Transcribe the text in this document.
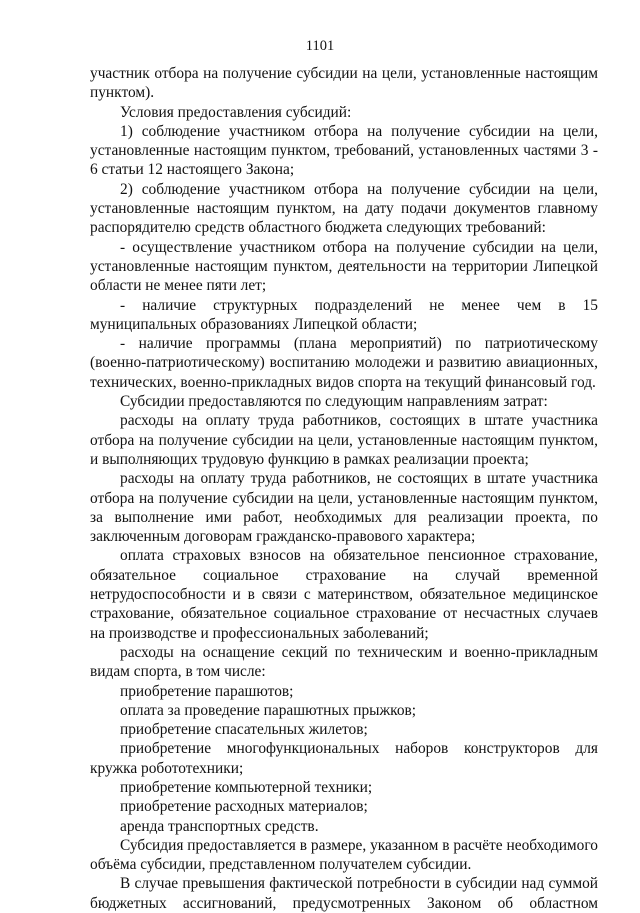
1101

участник отбора на получение субсидии на цели, установленные настоящим пунктом).

Условия предоставления субсидий:

1) соблюдение участником отбора на получение субсидии на цели, установленные настоящим пунктом, требований, установленных частями 3 - 6 статьи 12 настоящего Закона;

2) соблюдение участником отбора на получение субсидии на цели, установленные настоящим пунктом, на дату подачи документов главному распорядителю средств областного бюджета следующих требований:

- осуществление участником отбора на получение субсидии на цели, установленные настоящим пунктом, деятельности на территории Липецкой области не менее пяти лет;

- наличие структурных подразделений не менее чем в 15 муниципальных образованиях Липецкой области;

- наличие программы (плана мероприятий) по патриотическому (военно-патриотическому) воспитанию молодежи и развитию авиационных, технических, военно-прикладных видов спорта на текущий финансовый год.

Субсидии предоставляются по следующим направлениям затрат:

расходы на оплату труда работников, состоящих в штате участника отбора на получение субсидии на цели, установленные настоящим пунктом, и выполняющих трудовую функцию в рамках реализации проекта;

расходы на оплату труда работников, не состоящих в штате участника отбора на получение субсидии на цели, установленные настоящим пунктом, за выполнение ими работ, необходимых для реализации проекта, по заключенным договорам гражданско-правового характера;

оплата страховых взносов на обязательное пенсионное страхование, обязательное социальное страхование на случай временной нетрудоспособности и в связи с материнством, обязательное медицинское страхование, обязательное социальное страхование от несчастных случаев на производстве и профессиональных заболеваний;

расходы на оснащение секций по техническим и военно-прикладным видам спорта, в том числе:

приобретение парашютов;

оплата за проведение парашютных прыжков;

приобретение спасательных жилетов;

приобретение многофункциональных наборов конструкторов для кружка робототехники;

приобретение компьютерной техники;

приобретение расходных материалов;

аренда транспортных средств.

Субсидия предоставляется в размере, указанном в расчёте необходимого объёма субсидии, представленном получателем субсидии.

В случае превышения фактической потребности в субсидии над суммой бюджетных ассигнований, предусмотренных Законом об областном
